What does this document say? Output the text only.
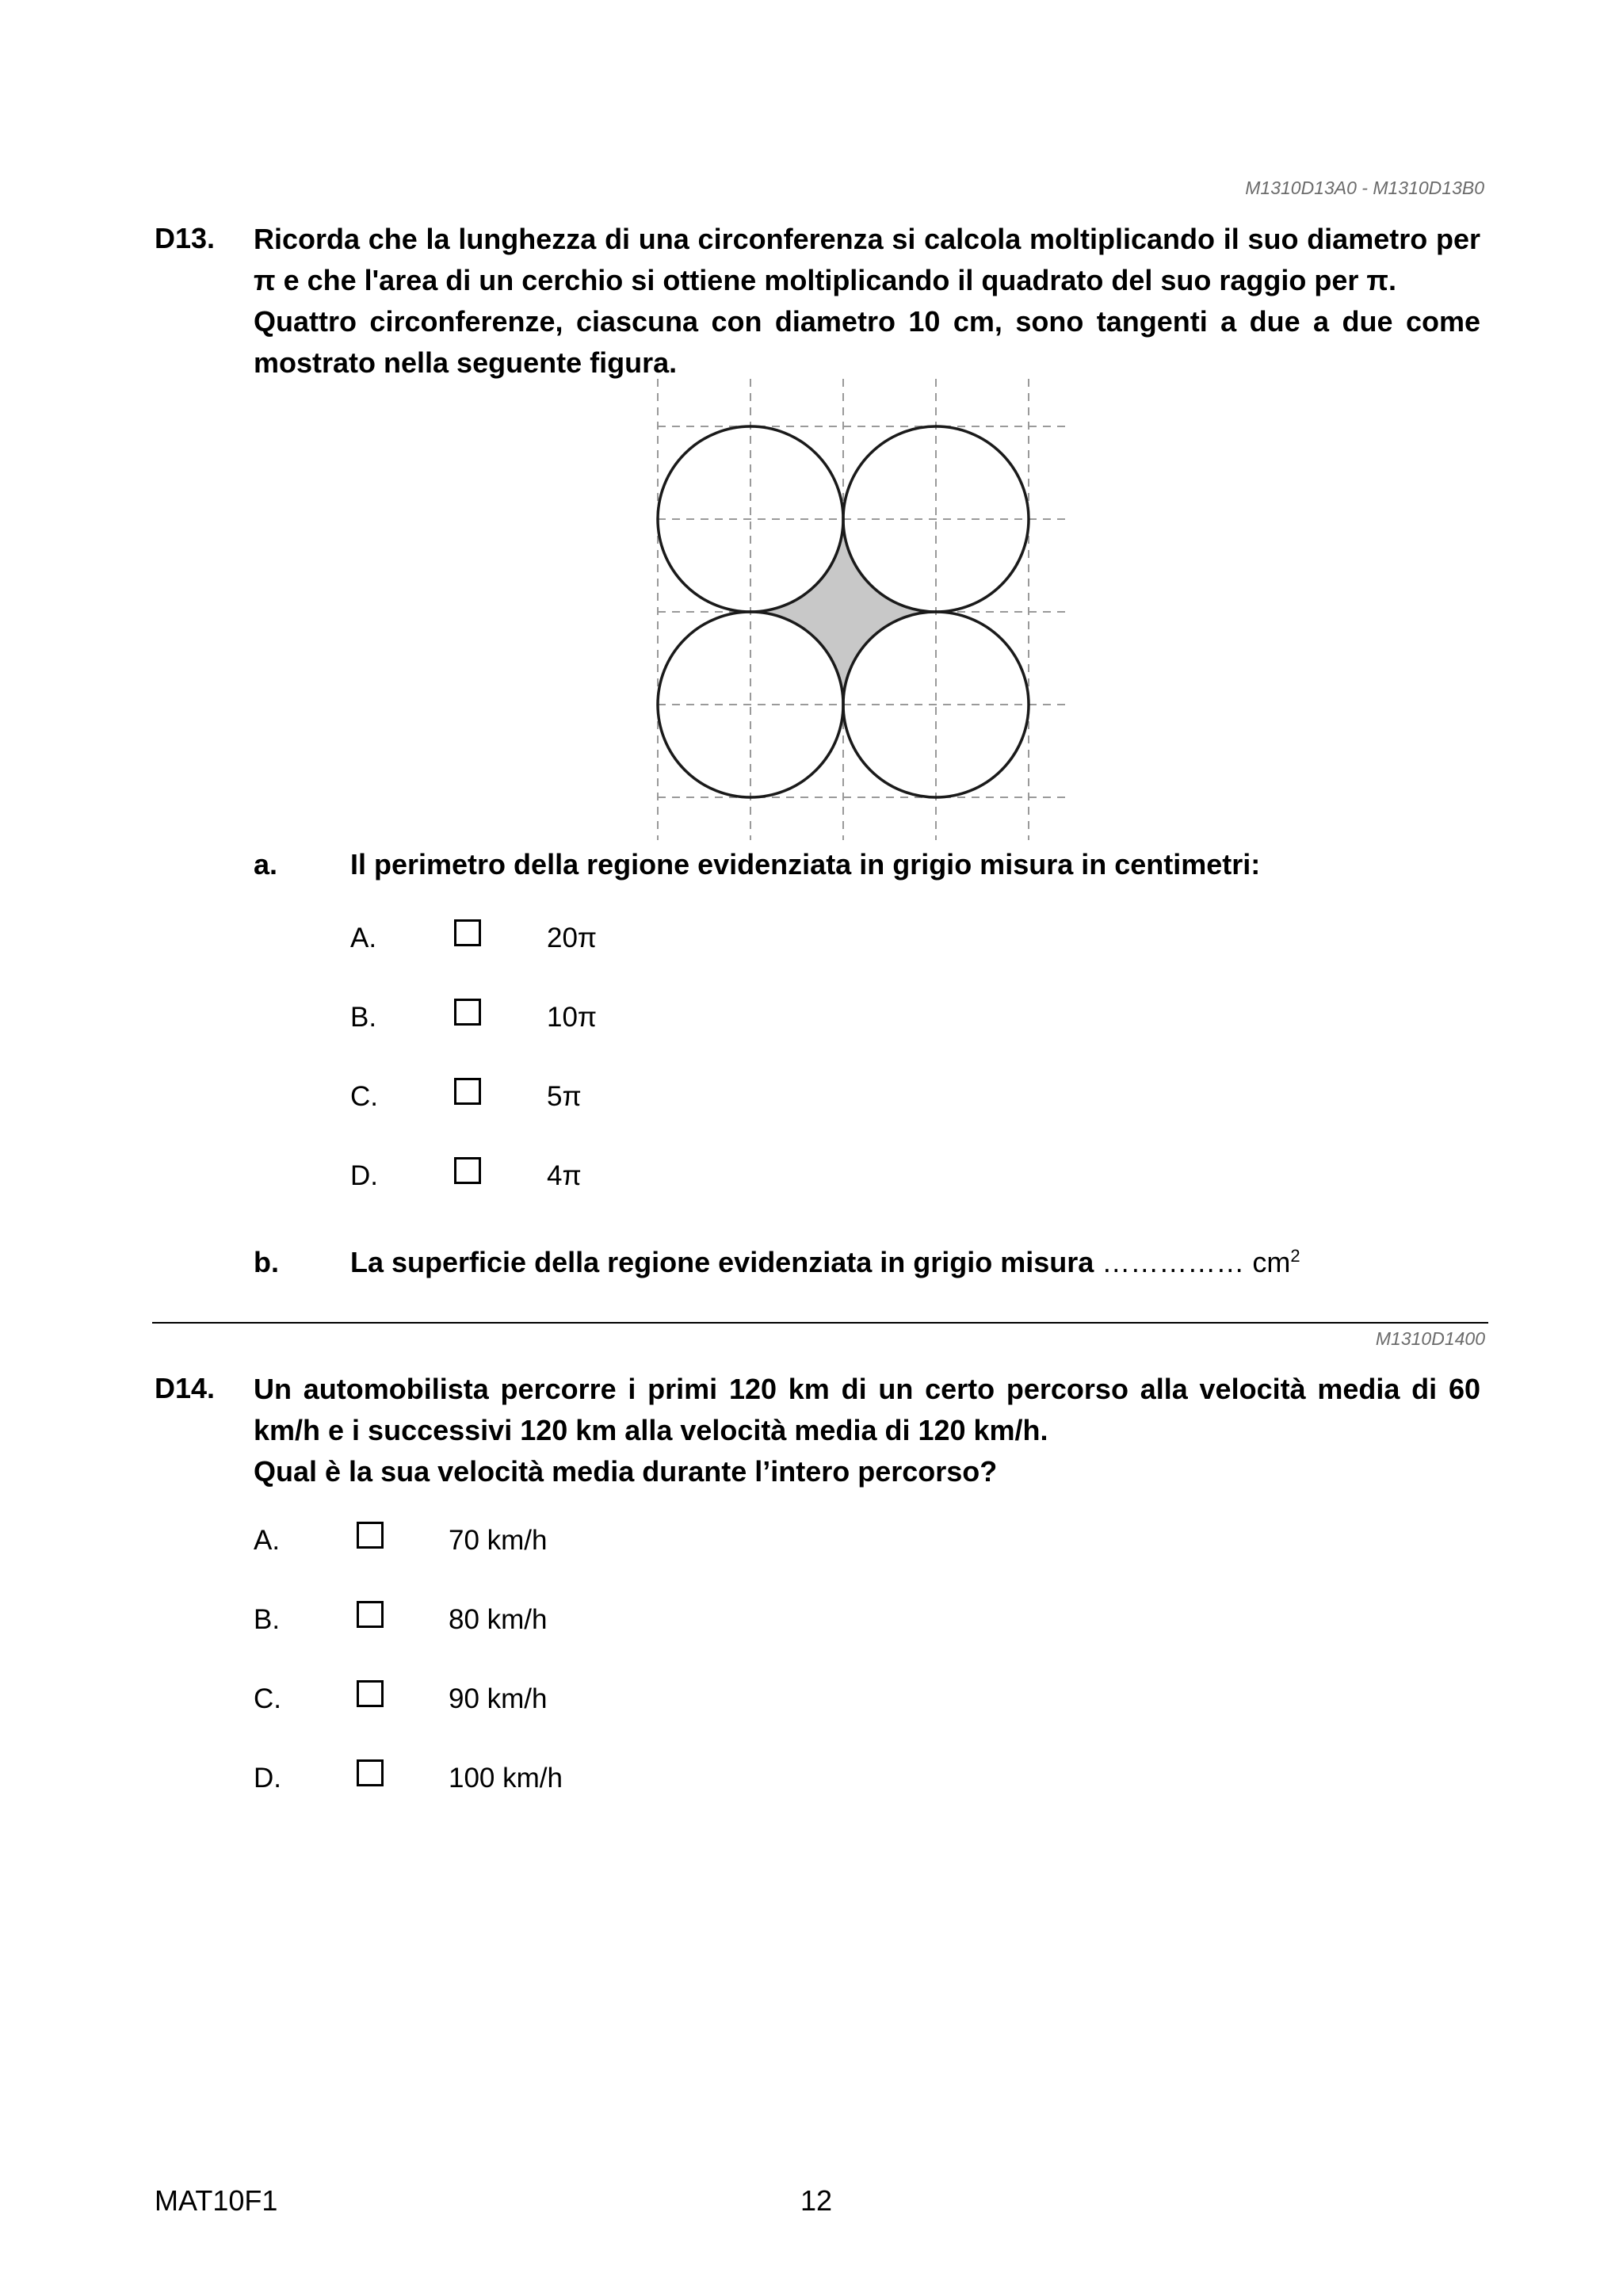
M1310D13A0 - M1310D13B0
D13. Ricorda che la lunghezza di una circonferenza si calcola moltiplicando il suo diametro per
π e che l'area di un cerchio si ottiene moltiplicando il quadrato del suo raggio per π.
Quattro circonferenze, ciascuna con diametro 10 cm, sono tangenti a due a due come
mostrato nella seguente figura.
a.	Il perimetro della regione evidenziata in grigio misura in centimetri:
A.	20π
B.	10π
C.	5π
D.	4π
b.	La superficie della regione evidenziata in grigio misura …………… $cm^2$
M1310D1400
D14. Un automobilista percorre i primi 120 km di un certo percorso alla velocità media di 60
km/h e i successivi 120 km alla velocità media di 120 km/h.
Qual è la sua velocità media durante l’intero percorso?
A.	70 km/h
B.	80 km/h
C.	90 km/h
D.	100 km/h
MAT10F1	12
